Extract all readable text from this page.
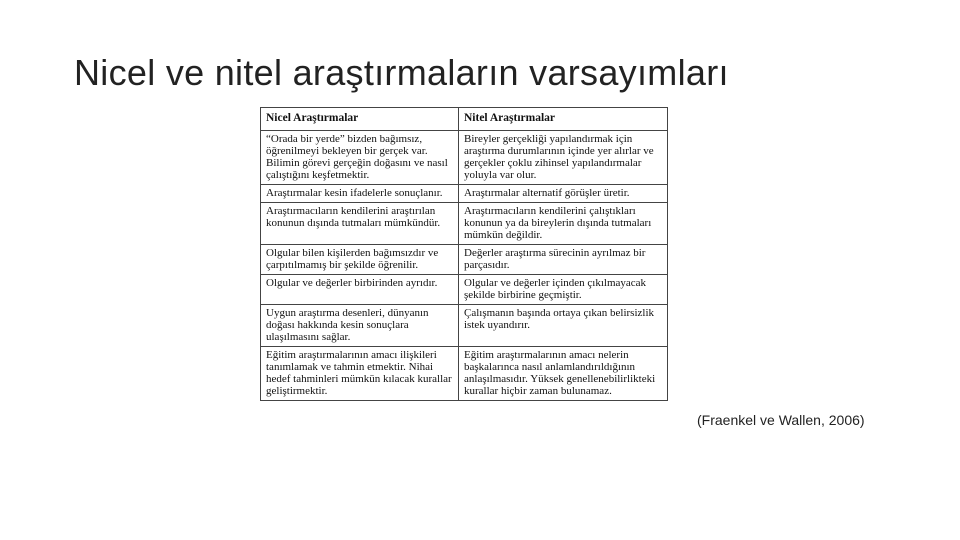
Nicel ve nitel araştırmaların varsayımları
Nicel Araştırmalar	Nitel Araştırmalar
“Orada bir yerde” bizden bağımsız, öğrenilmeyi bekleyen bir gerçek var. Bilimin görevi gerçeğin doğasını ve nasıl çalıştığını keşfetmektir.	Bireyler gerçekliği yapılandırmak için araştırma durumlarının içinde yer alırlar ve gerçekler çoklu zihinsel yapılandırmalar yoluyla var olur.
Araştırmalar kesin ifadelerle sonuçlanır.	Araştırmalar alternatif görüşler üretir.
Araştırmacıların kendilerini araştırılan konunun dışında tutmaları mümkündür.	Araştırmacıların kendilerini çalıştıkları konunun ya da bireylerin dışında tutmaları mümkün değildir.
Olgular bilen kişilerden bağımsızdır ve çarpıtılmamış bir şekilde öğrenilir.	Değerler araştırma sürecinin ayrılmaz bir parçasıdır.
Olgular ve değerler birbirinden ayrıdır.	Olgular ve değerler içinden çıkılmayacak şekilde birbirine geçmiştir.
Uygun araştırma desenleri, dünyanın doğası hakkında kesin sonuçlara ulaşılmasını sağlar.	Çalışmanın başında ortaya çıkan belirsizlik istek uyandırır.
Eğitim araştırmalarının amacı ilişkileri tanımlamak ve tahmin etmektir. Nihai hedef tahminleri mümkün kılacak kurallar geliştirmektir.	Eğitim araştırmalarının amacı nelerin başkalarınca nasıl anlamlandırıldığının anlaşılmasıdır. Yüksek genellenebilirlikteki kurallar hiçbir zaman bulunamaz.
(Fraenkel ve Wallen, 2006)
